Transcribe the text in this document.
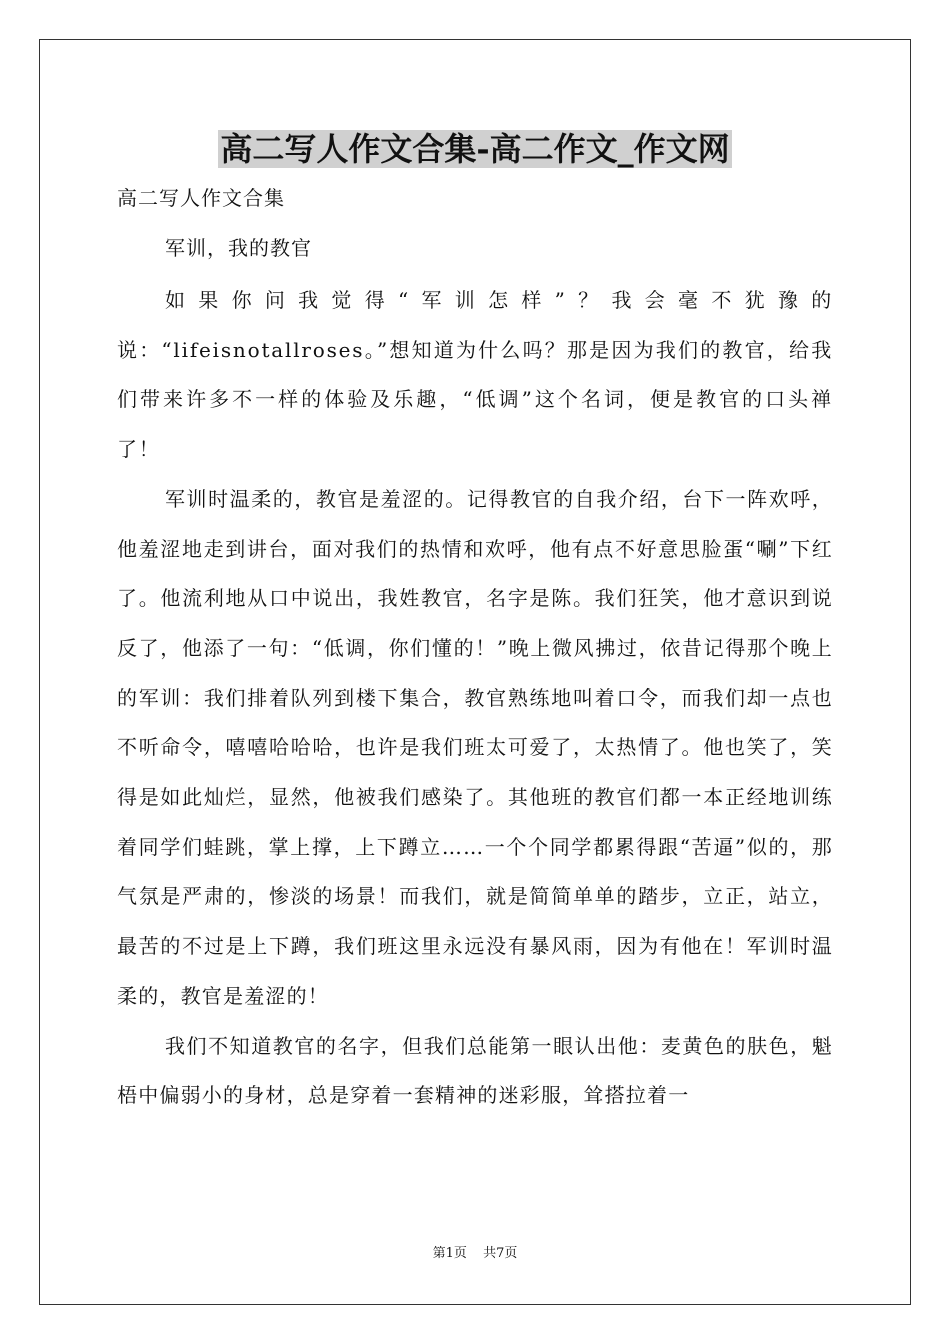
高二写人作文合集-高二作文_作文网
高二写人作文合集
军训，我的教官

如果你问我觉得“军训怎样”？我会毫不犹豫的说：“lifeisnotallroses。”想知道为什么吗？那是因为我们的教官，给我们带来许多不一样的体验及乐趣，“低调”这个名词，便是教官的口头禅了！

军训时温柔的，教官是羞涩的。记得教官的自我介绍，台下一阵欢呼，他羞涩地走到讲台，面对我们的热情和欢呼，他有点不好意思脸蛋“唰”下红了。他流利地从口中说出，我姓教官，名字是陈。我们狂笑，他才意识到说反了，他添了一句：“低调，你们懂的！”晚上微风拂过，依昔记得那个晚上的军训：我们排着队列到楼下集合，教官熟练地叫着口令，而我们却一点也不听命令，嘻嘻哈哈哈，也许是我们班太可爱了，太热情了。他也笑了，笑得是如此灿烂，显然，他被我们感染了。其他班的教官们都一本正经地训练着同学们蛙跳，掌上撑，上下蹲立……一个个同学都累得跟“苦逼”似的，那气氛是严肃的，惨淡的场景！而我们，就是简简单单的踏步，立正，站立，最苦的不过是上下蹲，我们班这里永远没有暴风雨，因为有他在！军训时温柔的，教官是羞涩的！

我们不知道教官的名字，但我们总能第一眼认出他：麦黄色的肤色，魁梧中偏弱小的身材，总是穿着一套精神的迷彩服，耸搭拉着一

第1页 共7页
